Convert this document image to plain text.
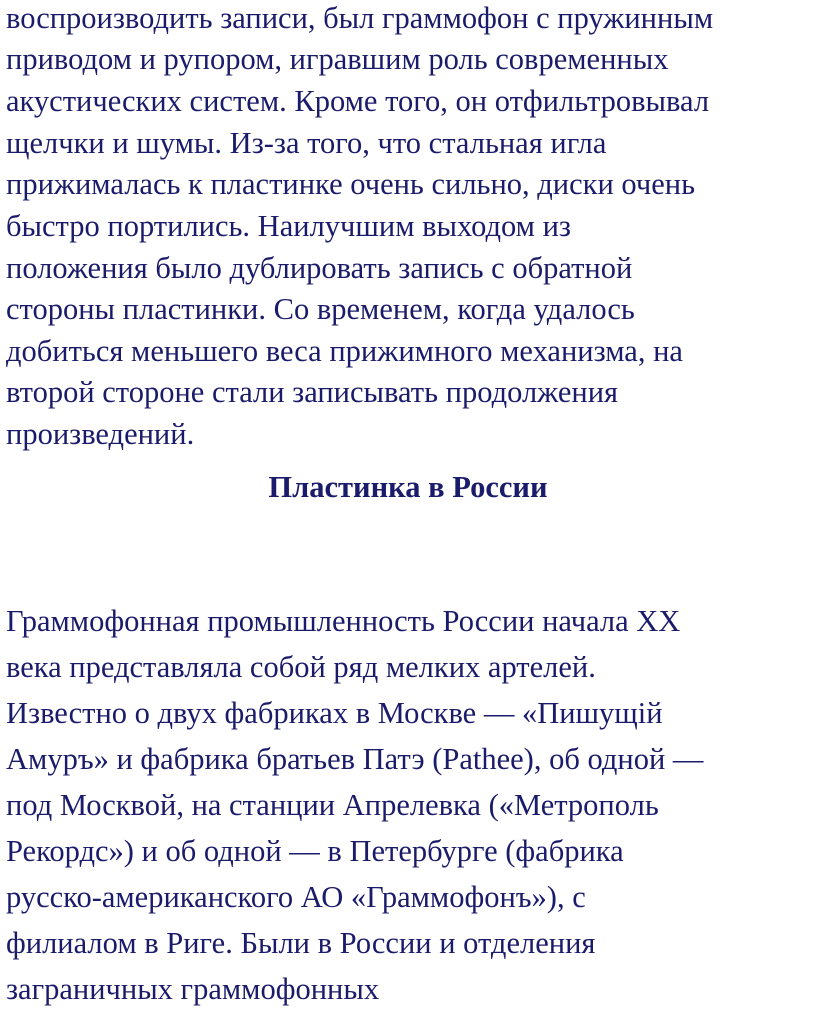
воспроизводить записи, был граммофон с пружинным
приводом и рупором, игравшим роль современных
акустических систем. Кроме того, он отфильтровывал
щелчки и шумы. Из-за того, что стальная игла
прижималась к пластинке очень сильно, диски очень
быстро портились. Наилучшим выходом из
положения было дублировать запись с обратной
стороны пластинки. Со временем, когда удалось
добиться меньшего веса прижимного механизма, на
второй стороне стали записывать продолжения
произведений.
Пластинка в России
Граммофонная промышленность России начала XX
века представляла собой ряд мелких артелей.
Известно о двух фабриках в Москве — «Пишущій
Амуръ» и фабрика братьев Патэ (Pathee), об одной —
под Москвой, на станции Апрелевка («Метрополь
Рекордс») и об одной — в Петербурге (фабрика
русско-американского АО «Граммофонъ»), с
филиалом в Риге. Были в России и отделения
заграничных граммофонных
